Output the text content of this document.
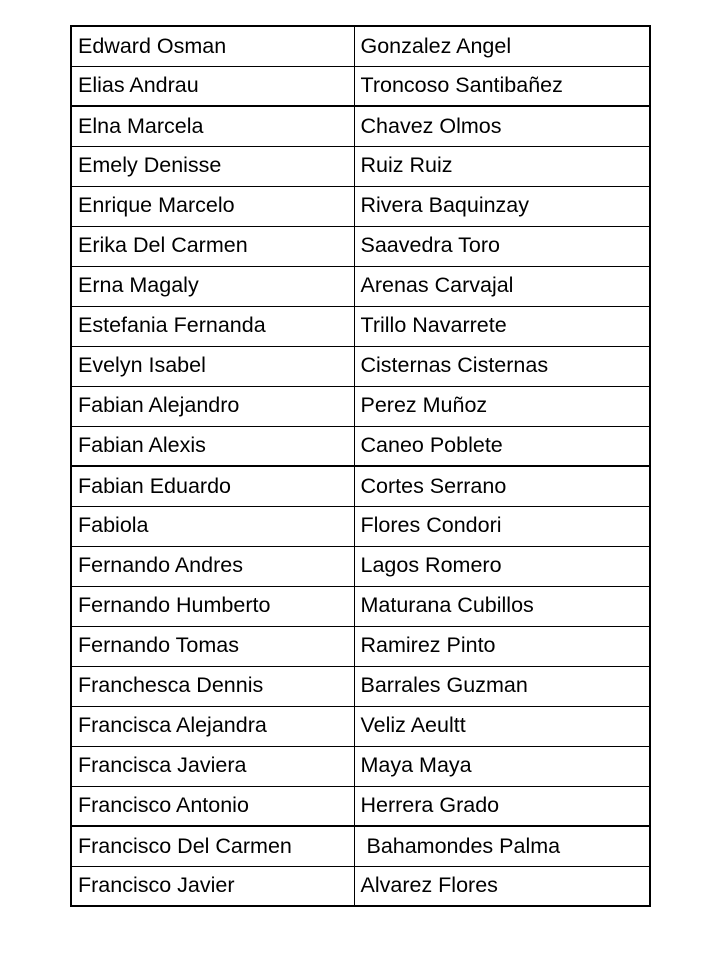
Edward Osman	Gonzalez Angel
Elias Andrau	Troncoso Santibañez
Elna Marcela	Chavez Olmos
Emely Denisse	Ruiz Ruiz
Enrique Marcelo	Rivera Baquinzay
Erika Del Carmen	Saavedra Toro
Erna Magaly	Arenas Carvajal
Estefania Fernanda	Trillo Navarrete
Evelyn Isabel	Cisternas Cisternas
Fabian Alejandro	Perez Muñoz
Fabian Alexis	Caneo Poblete
Fabian Eduardo	Cortes Serrano
Fabiola	Flores Condori
Fernando Andres	Lagos Romero
Fernando Humberto	Maturana Cubillos
Fernando Tomas	Ramirez Pinto
Franchesca Dennis	Barrales Guzman
Francisca Alejandra	Veliz Aeultt
Francisca Javiera	Maya Maya
Francisco Antonio	Herrera Grado
Francisco Del Carmen	Bahamondes Palma
Francisco Javier	Alvarez Flores
